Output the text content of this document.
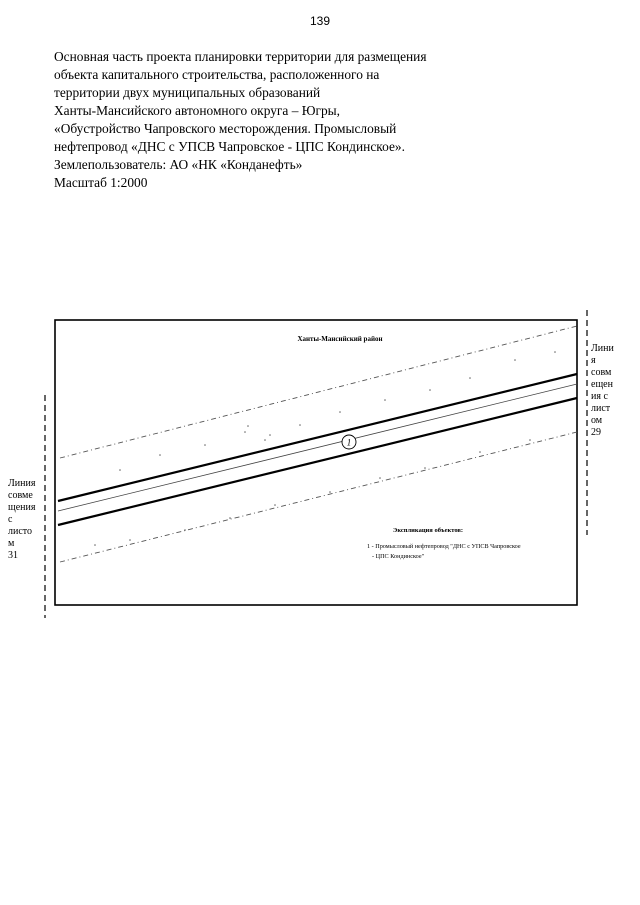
139
Основная часть проекта планировки территории для размещения
объекта капитального строительства, расположенного на
территории двух муниципальных образований
Ханты-Мансийского автономного округа – Югры,
«Обустройство Чапровского месторождения. Промысловый
нефтепровод «ДНС с УПСВ Чапровское - ЦПС Кондинское».
Землепользователь: АО «НК «Конданефть»
Масштаб 1:2000
1
Ханты-Мансийский район
Экспликация объектов:
1 - Промысловый нефтепровод "ДНС с УПСВ Чапровское
- ЦПС Кондинское"
Лини
я
совм
ещен
ия с
лист
ом
29
Линия
совме
щения
с
листо
м
31
